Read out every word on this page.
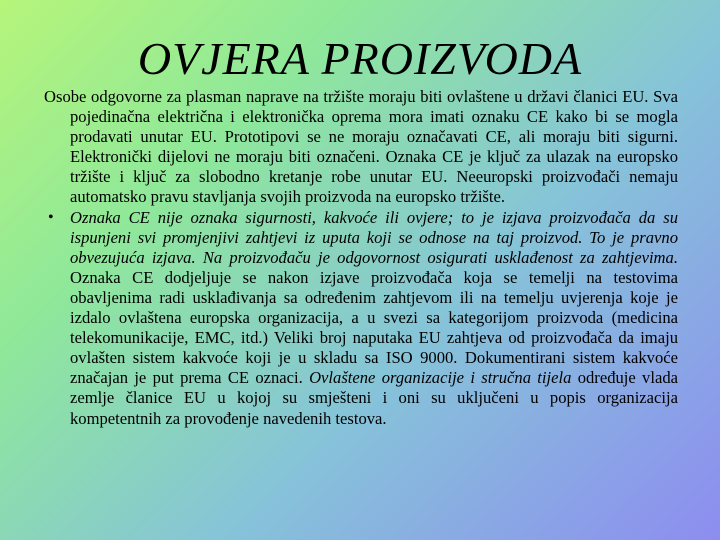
OVJERA PROIZVODA

Osobe odgovorne za plasman naprave na tržište moraju biti ovlaštene u državi članici EU. Sva pojedinačna električna i elektronička oprema mora imati oznaku CE kako bi se mogla prodavati unutar EU. Prototipovi se ne moraju označavati CE, ali moraju biti sigurni. Elektronički dijelovi ne moraju biti označeni. Oznaka CE je ključ za ulazak na europsko tržište i ključ za slobodno kretanje robe unutar EU. Neeuropski proizvođači nemaju automatsko pravu stavljanja svojih proizvoda na europsko tržište.

• Oznaka CE nije oznaka sigurnosti, kakvoće ili ovjere; to je izjava proizvođača da su ispunjeni svi promjenjivi zahtjevi iz uputa koji se odnose na taj proizvod. To je pravno obvezujuća izjava. Na proizvođaču je odgovornost osigurati usklađenost za zahtjevima. Oznaka CE dodjeljuje se nakon izjave proizvođača koja se temelji na testovima obavljenima radi usklađivanja sa određenim zahtjevom ili na temelju uvjerenja koje je izdalo ovlaštena europska organizacija, a u svezi sa kategorijom proizvoda (medicina telekomunikacije, EMC, itd.) Veliki broj naputaka EU zahtjeva od proizvođača da imaju ovlašten sistem kakvoće koji je u skladu sa ISO 9000. Dokumentirani sistem kakvoće značajan je put prema CE oznaci. Ovlaštene organizacije i stručna tijela određuje vlada zemlje članice EU u kojoj su smješteni i oni su uključeni u popis organizacija kompetentnih za provođenje navedenih testova.
